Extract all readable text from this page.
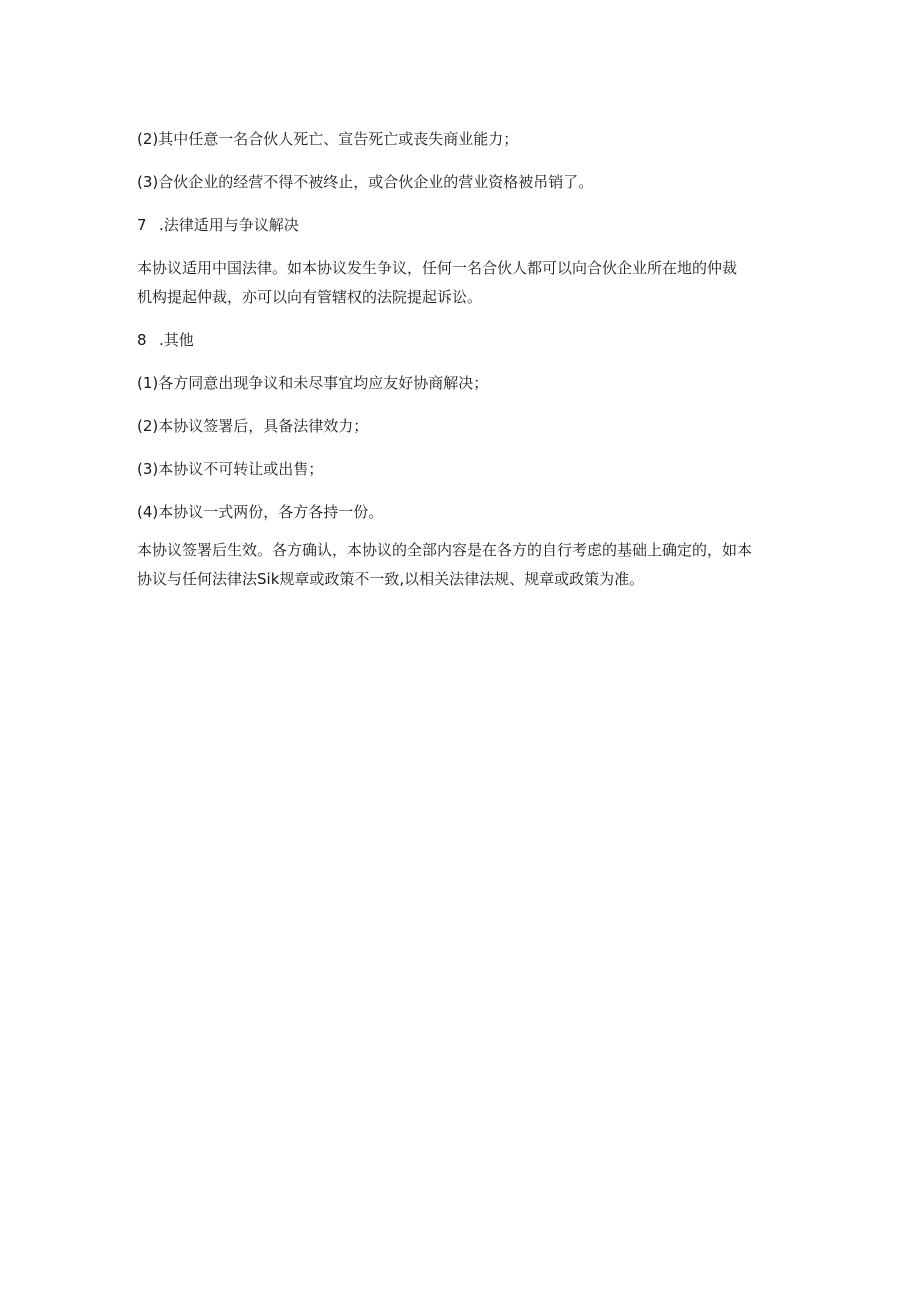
(2)其中任意一名合伙人死亡、宣告死亡或丧失商业能力；

(3)合伙企业的经营不得不被终止，或合伙企业的营业资格被吊销了。

7 .法律适用与争议解决
本协议适用中国法律。如本协议发生争议，任何一名合伙人都可以向合伙企业所在地的仲裁
机构提起仲裁，亦可以向有管辖权的法院提起诉讼。
8 .其他

(1)各方同意出现争议和未尽事宜均应友好协商解决；

(2)本协议签署后，具备法律效力；

(3)本协议不可转让或出售；

(4)本协议一式两份，各方各持一份。

本协议签署后生效。各方确认，本协议的全部内容是在各方的自行考虑的基础上确定的，如本
协议与任何法律法Sik规章或政策不一致,以相关法律法规、规章或政策为准。
